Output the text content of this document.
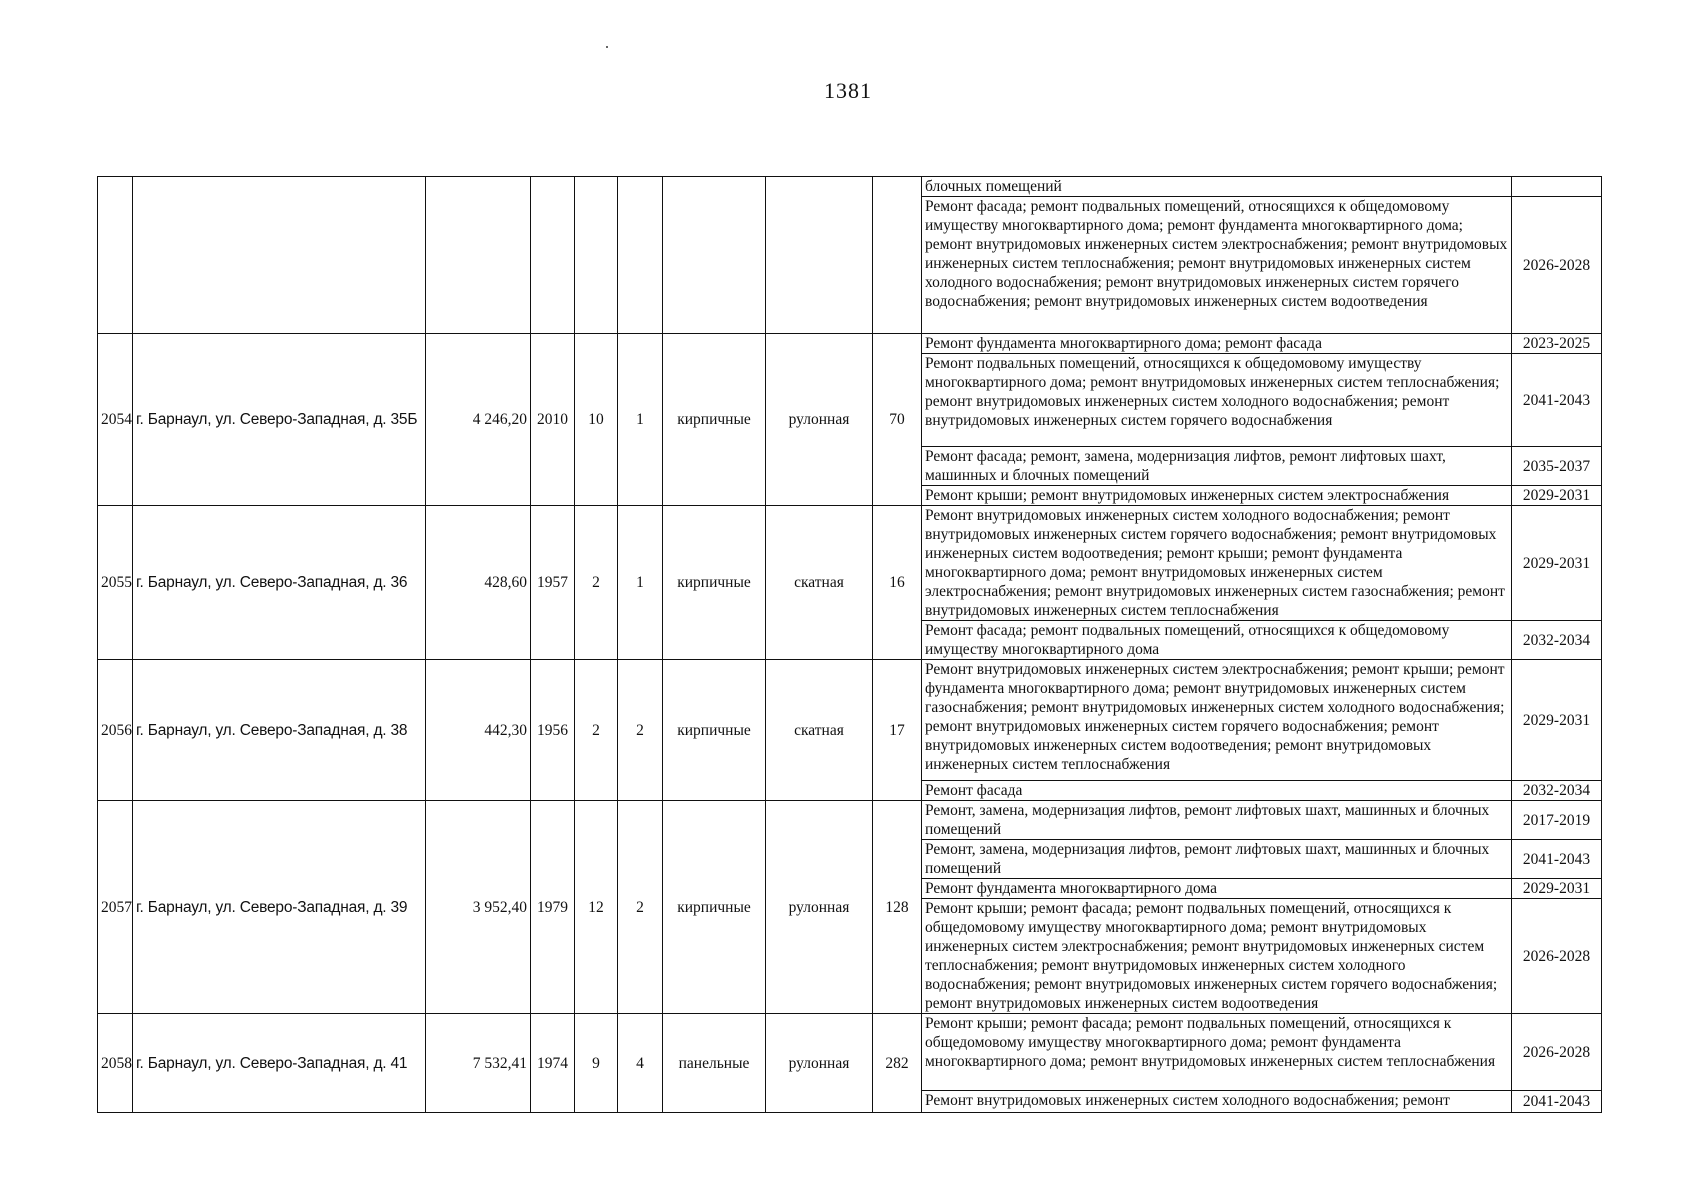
1381
									блочных помещений	
									Ремонт фасада; ремонт подвальных помещений, относящихся к общедомовому имуществу многоквартирного дома; ремонт фундамента многоквартирного дома; ремонт внутридомовых инженерных систем электроснабжения; ремонт внутридомовых инженерных систем теплоснабжения; ремонт внутридомовых инженерных систем холодного водоснабжения; ремонт внутридомовых инженерных систем горячего водоснабжения; ремонт внутридомовых инженерных систем водоотведения	2026-2028
2054	г. Барнаул, ул. Северо-Западная, д. 35Б	4 246,20	2010	10	1	кирпичные	рулонная	70	Ремонт фундамента многоквартирного дома; ремонт фасада	2023-2025
									Ремонт подвальных помещений, относящихся к общедомовому имуществу многоквартирного дома; ремонт внутридомовых инженерных систем теплоснабжения; ремонт внутридомовых инженерных систем холодного водоснабжения; ремонт внутридомовых инженерных систем горячего водоснабжения	2041-2043
									Ремонт фасада; ремонт, замена, модернизация лифтов, ремонт лифтовых шахт, машинных и блочных помещений	2035-2037
									Ремонт крыши; ремонт внутридомовых инженерных систем электроснабжения	2029-2031
2055	г. Барнаул, ул. Северо-Западная, д. 36	428,60	1957	2	1	кирпичные	скатная	16	Ремонт внутридомовых инженерных систем холодного водоснабжения; ремонт внутридомовых инженерных систем горячего водоснабжения; ремонт внутридомовых инженерных систем водоотведения; ремонт крыши; ремонт фундамента многоквартирного дома; ремонт внутридомовых инженерных систем электроснабжения; ремонт внутридомовых инженерных систем газоснабжения; ремонт внутридомовых инженерных систем теплоснабжения	2029-2031
									Ремонт фасада; ремонт подвальных помещений, относящихся к общедомовому имуществу многоквартирного дома	2032-2034
2056	г. Барнаул, ул. Северо-Западная, д. 38	442,30	1956	2	2	кирпичные	скатная	17	Ремонт внутридомовых инженерных систем электроснабжения; ремонт крыши; ремонт фундамента многоквартирного дома; ремонт внутридомовых инженерных систем газоснабжения; ремонт внутридомовых инженерных систем холодного водоснабжения; ремонт внутридомовых инженерных систем горячего водоснабжения; ремонт внутридомовых инженерных систем водоотведения; ремонт внутридомовых инженерных систем теплоснабжения	2029-2031
									Ремонт фасада	2032-2034
2057	г. Барнаул, ул. Северо-Западная, д. 39	3 952,40	1979	12	2	кирпичные	рулонная	128	Ремонт, замена, модернизация лифтов, ремонт лифтовых шахт, машинных и блочных помещений	2017-2019
									Ремонт, замена, модернизация лифтов, ремонт лифтовых шахт, машинных и блочных помещений	2041-2043
									Ремонт фундамента многоквартирного дома	2029-2031
									Ремонт крыши; ремонт фасада; ремонт подвальных помещений, относящихся к общедомовому имуществу многоквартирного дома; ремонт внутридомовых инженерных систем электроснабжения; ремонт внутридомовых инженерных систем теплоснабжения; ремонт внутридомовых инженерных систем холодного водоснабжения; ремонт внутридомовых инженерных систем горячего водоснабжения; ремонт внутридомовых инженерных систем водоотведения	2026-2028
2058	г. Барнаул, ул. Северо-Западная, д. 41	7 532,41	1974	9	4	панельные	рулонная	282	Ремонт крыши; ремонт фасада; ремонт подвальных помещений, относящихся к общедомовому имуществу многоквартирного дома; ремонт фундамента многоквартирного дома; ремонт внутридомовых инженерных систем теплоснабжения	2026-2028
									Ремонт внутридомовых инженерных систем холодного водоснабжения; ремонт	2041-2043
